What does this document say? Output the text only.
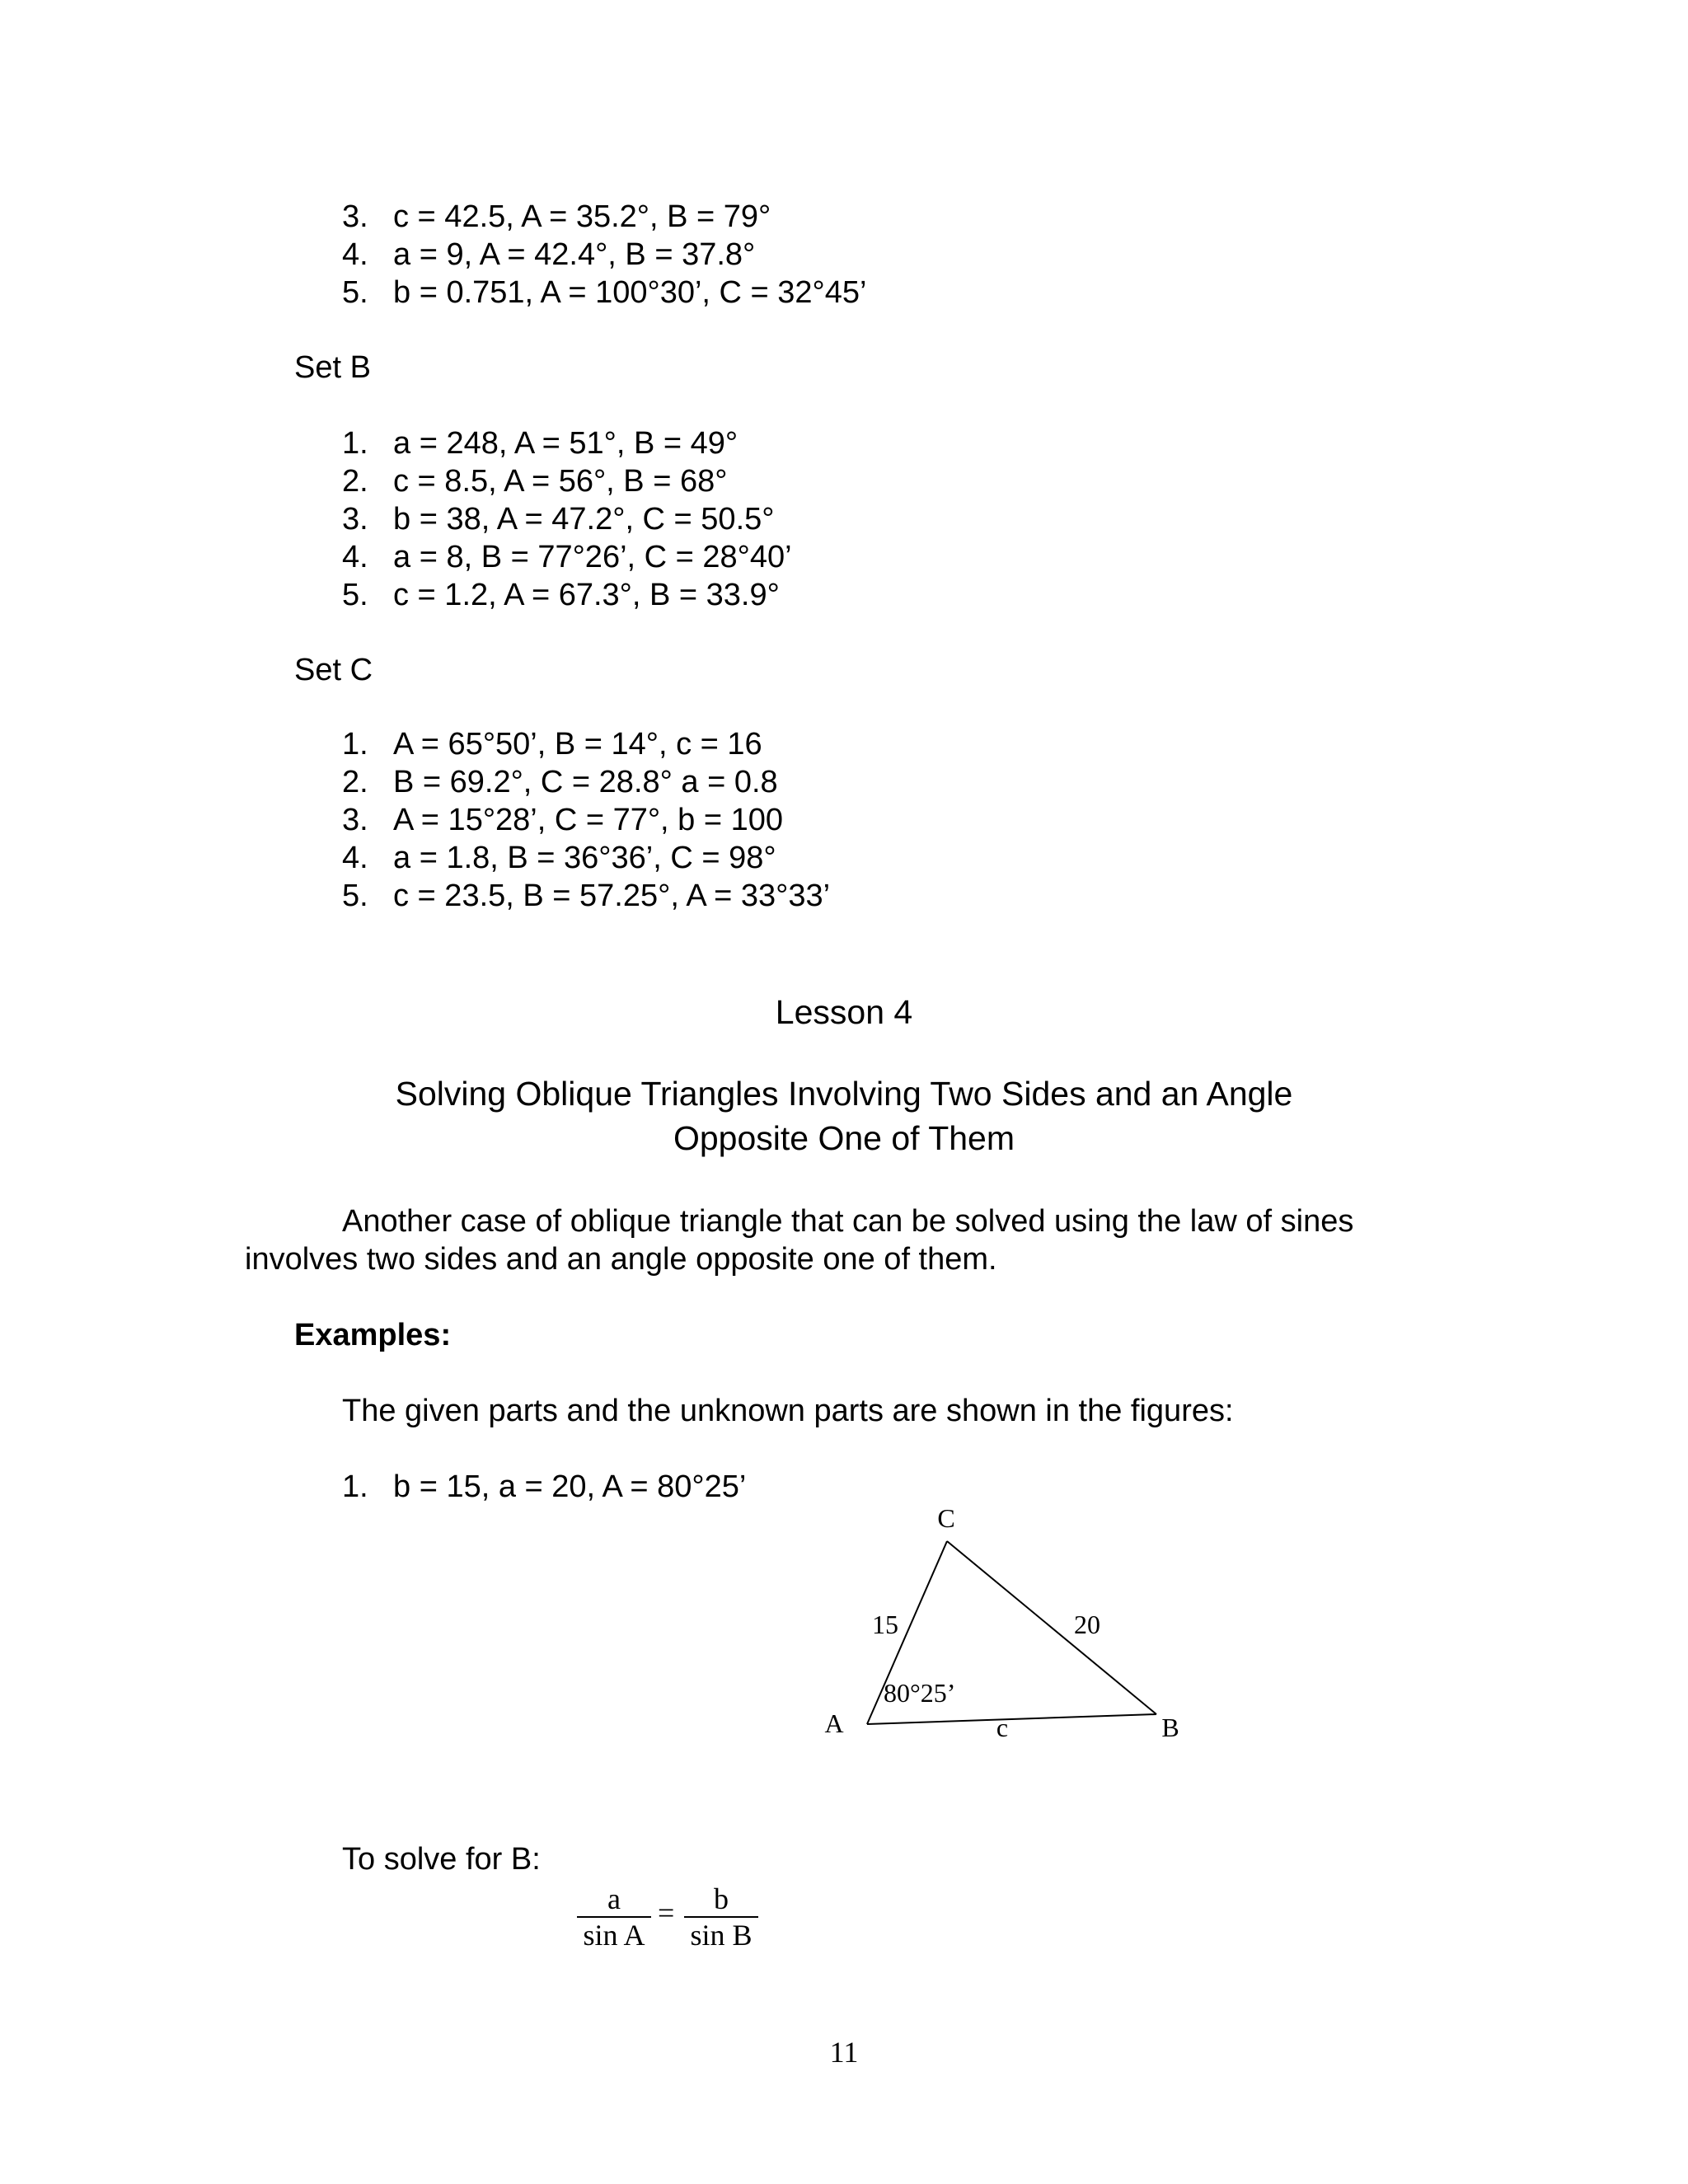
3. c = 42.5, A = 35.2°, B = 79°
4. a = 9, A = 42.4°, B = 37.8°
5. b = 0.751, A = 100°30’, C = 32°45’
Set B
1. a = 248, A = 51°, B = 49°
2. c = 8.5, A = 56°, B = 68°
3. b = 38, A = 47.2°, C = 50.5°
4. a = 8, B = 77°26’, C = 28°40’
5. c = 1.2, A = 67.3°, B = 33.9°
Set C
1. A = 65°50’, B = 14°, c = 16
2. B = 69.2°, C = 28.8° a = 0.8
3. A = 15°28’, C = 77°, b = 100
4. a = 1.8, B = 36°36’, C = 98°
5. c = 23.5, B = 57.25°, A = 33°33’
Lesson 4
Solving Oblique Triangles Involving Two Sides and an Angle
Opposite One of Them
Another case of oblique triangle that can be solved using the law of sines
involves two sides and an angle opposite one of them.
Examples:
The given parts and the unknown parts are shown in the figures:
1. b = 15, a = 20, A = 80°25’
C
A	B
15	20
c
80°25’
To solve for B:
a
sin A
=	b
sin B
11
